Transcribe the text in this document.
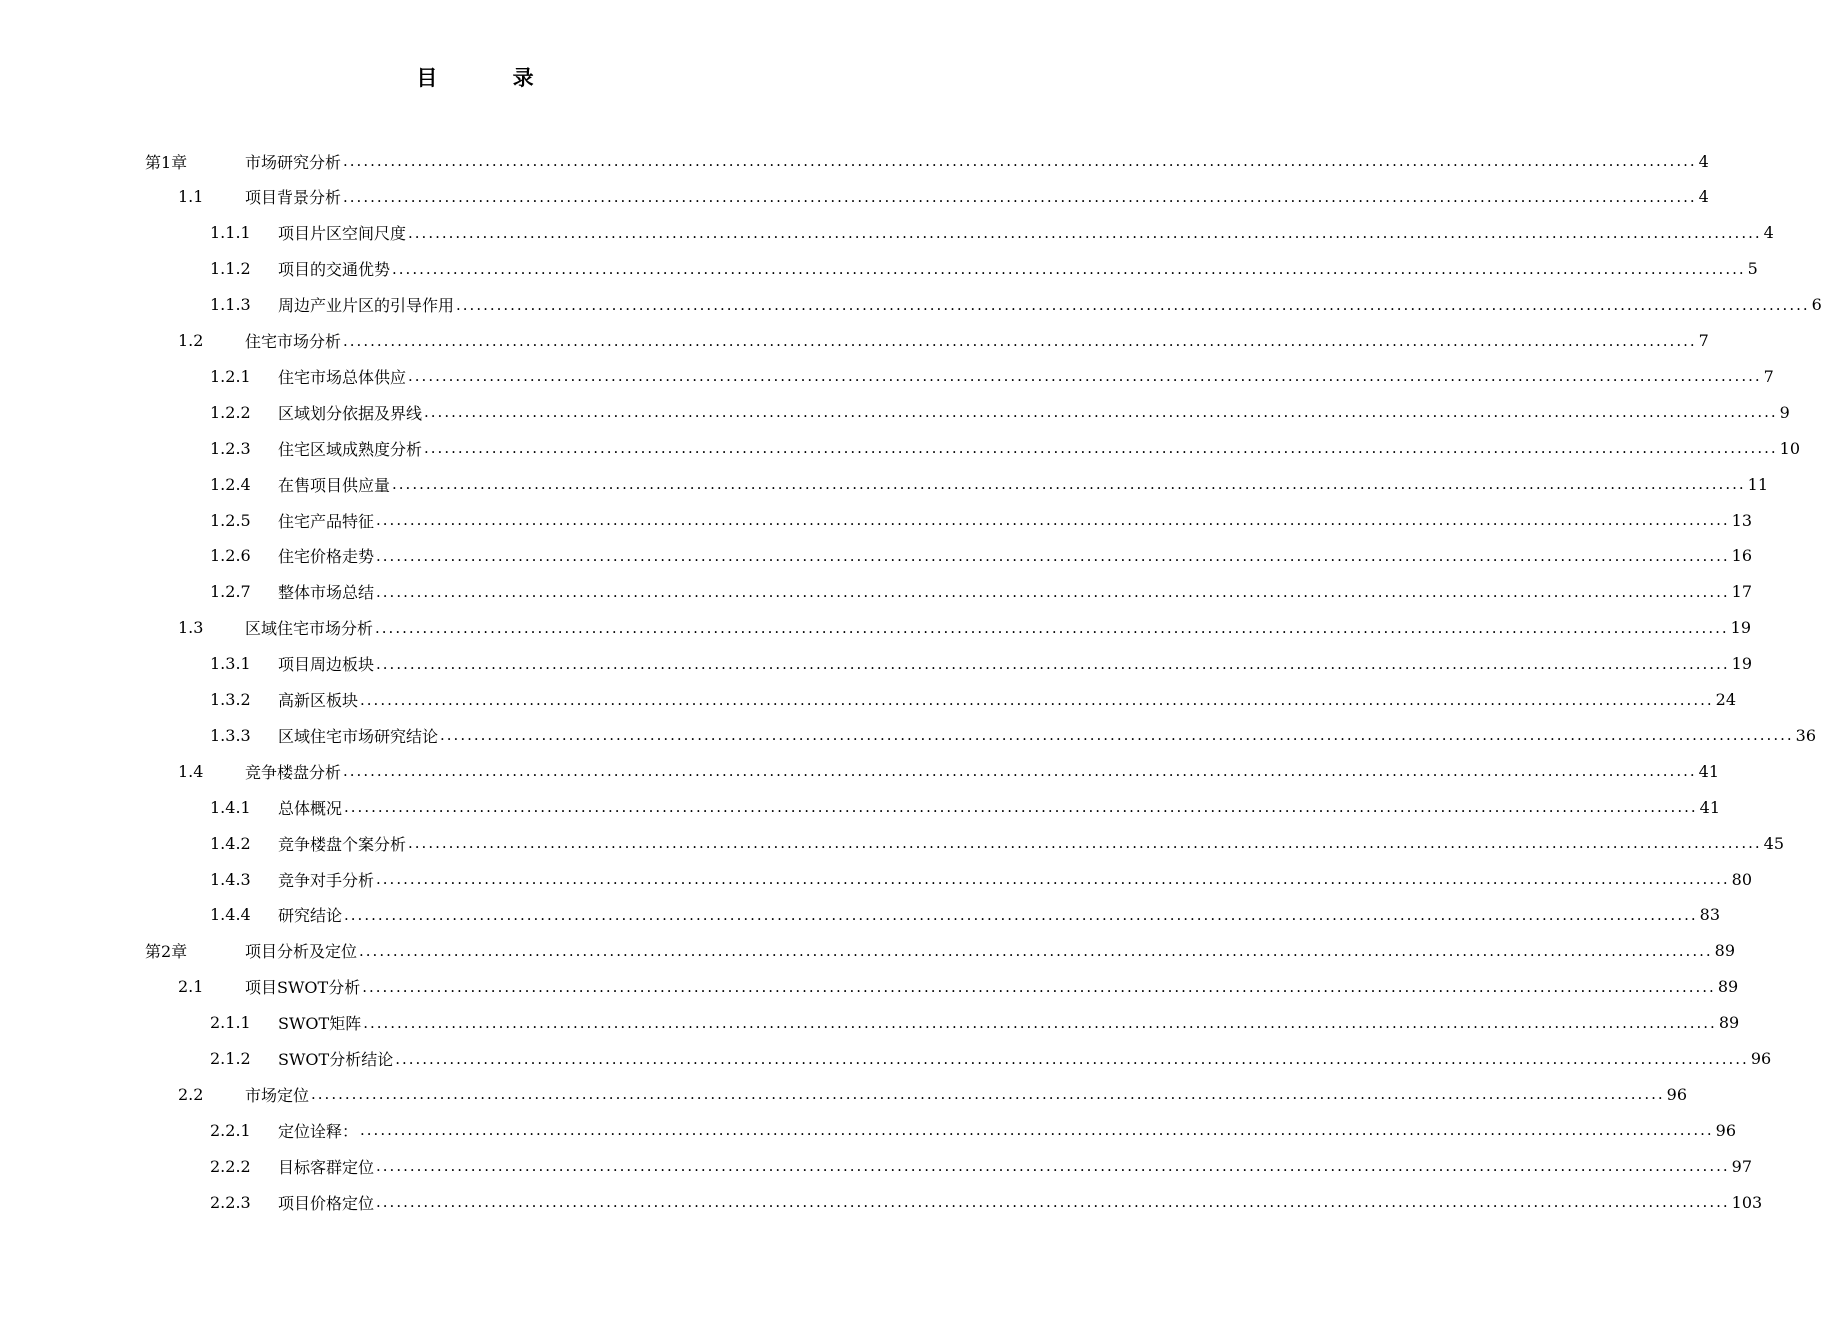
目 录
第1章	市场研究分析 ........................................................................................................................................................................................................ 4
1.1	项目背景分析 ........................................................................................................................................................................................................ 4
1.1.1	项目片区空间尺度 ........................................................................................................................................................................................................ 4
1.1.2	项目的交通优势 ........................................................................................................................................................................................................ 5
1.1.3	周边产业片区的引导作用 ........................................................................................................................................................................................................ 6
1.2	住宅市场分析 ........................................................................................................................................................................................................ 7
1.2.1	住宅市场总体供应 ........................................................................................................................................................................................................ 7
1.2.2	区域划分依据及界线 ........................................................................................................................................................................................................ 9
1.2.3	住宅区域成熟度分析 ........................................................................................................................................................................................................ 10
1.2.4	在售项目供应量 ........................................................................................................................................................................................................ 11
1.2.5	住宅产品特征 ........................................................................................................................................................................................................ 13
1.2.6	住宅价格走势 ........................................................................................................................................................................................................ 16
1.2.7	整体市场总结 ........................................................................................................................................................................................................ 17
1.3	区域住宅市场分析 ........................................................................................................................................................................................................ 19
1.3.1	项目周边板块 ........................................................................................................................................................................................................ 19
1.3.2	高新区板块 ........................................................................................................................................................................................................ 24
1.3.3	区域住宅市场研究结论 ........................................................................................................................................................................................................ 36
1.4	竞争楼盘分析 ........................................................................................................................................................................................................ 41
1.4.1	总体概况 ........................................................................................................................................................................................................ 41
1.4.2	竞争楼盘个案分析 ........................................................................................................................................................................................................ 45
1.4.3	竞争对手分析 ........................................................................................................................................................................................................ 80
1.4.4	研究结论 ........................................................................................................................................................................................................ 83
第2章	项目分析及定位 ........................................................................................................................................................................................................ 89
2.1	项目SWOT分析 ........................................................................................................................................................................................................ 89
2.1.1	SWOT矩阵 ........................................................................................................................................................................................................ 89
2.1.2	SWOT分析结论 ........................................................................................................................................................................................................ 96
2.2	市场定位 ........................................................................................................................................................................................................ 96
2.2.1	定位诠释： ........................................................................................................................................................................................................ 96
2.2.2	目标客群定位 ........................................................................................................................................................................................................ 97
2.2.3	项目价格定位 ........................................................................................................................................................................................................ 103
